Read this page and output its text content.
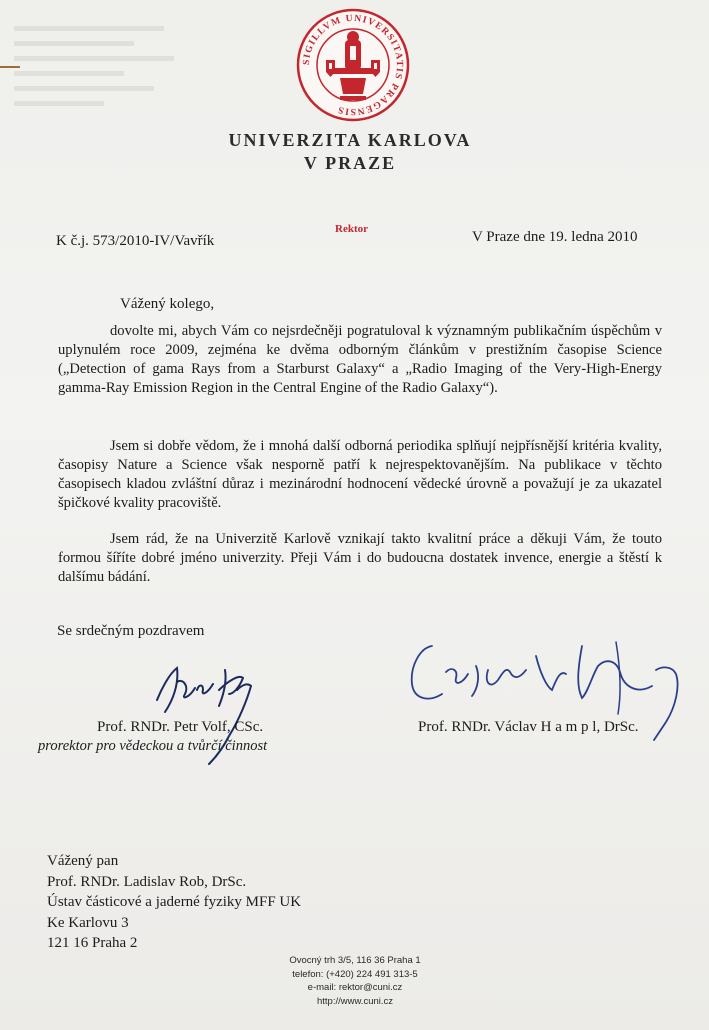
SIGILLVM UNIVERSITATIS PRAGENSIS
UNIVERZITA KARLOVA
V PRAZE
Rektor
K č.j. 573/2010-IV/Vavřík	V Praze dne 19. ledna 2010
Vážený kolego,

dovolte mi, abych Vám co nejsrdečněji pogratuloval k významným publikačním úspěchům v uplynulém roce 2009, zejména ke dvěma odborným článkům v prestižním časopise Science („Detection of gama Rays from a Starburst Galaxy“ a „Radio Imaging of the Very-High-Energy gamma-Ray Emission Region in the Central Engine of the Radio Galaxy“).

Jsem si dobře vědom, že i mnohá další odborná periodika splňují nejpřísnější kritéria kvality, časopisy Nature a Science však nesporně patří k nejrespektovanějším. Na publikace v těchto časopisech kladou zvláštní důraz i mezinárodní hodnocení vědecké úrovně a považují je za ukazatel špičkové kvality pracoviště.

Jsem rád, že na Univerzitě Karlově vznikají takto kvalitní práce a děkuji Vám, že touto formou šíříte dobré jméno univerzity. Přeji Vám i do budoucna dostatek invence, energie a štěstí k dalšímu bádání.

Se srdečným pozdravem
Prof. RNDr. Petr Volf, CSc.
prorektor pro vědeckou a tvůrčí činnost
Prof. RNDr. Václav H a m p l, DrSc.
Vážený pan
Prof. RNDr. Ladislav Rob, DrSc.
Ústav částicové a jaderné fyziky MFF UK
Ke Karlovu 3
121 16 Praha 2
Ovocný trh 3/5, 116 36 Praha 1
telefon: (+420) 224 491 313-5
e-mail: rektor@cuni.cz
http://www.cuni.cz
